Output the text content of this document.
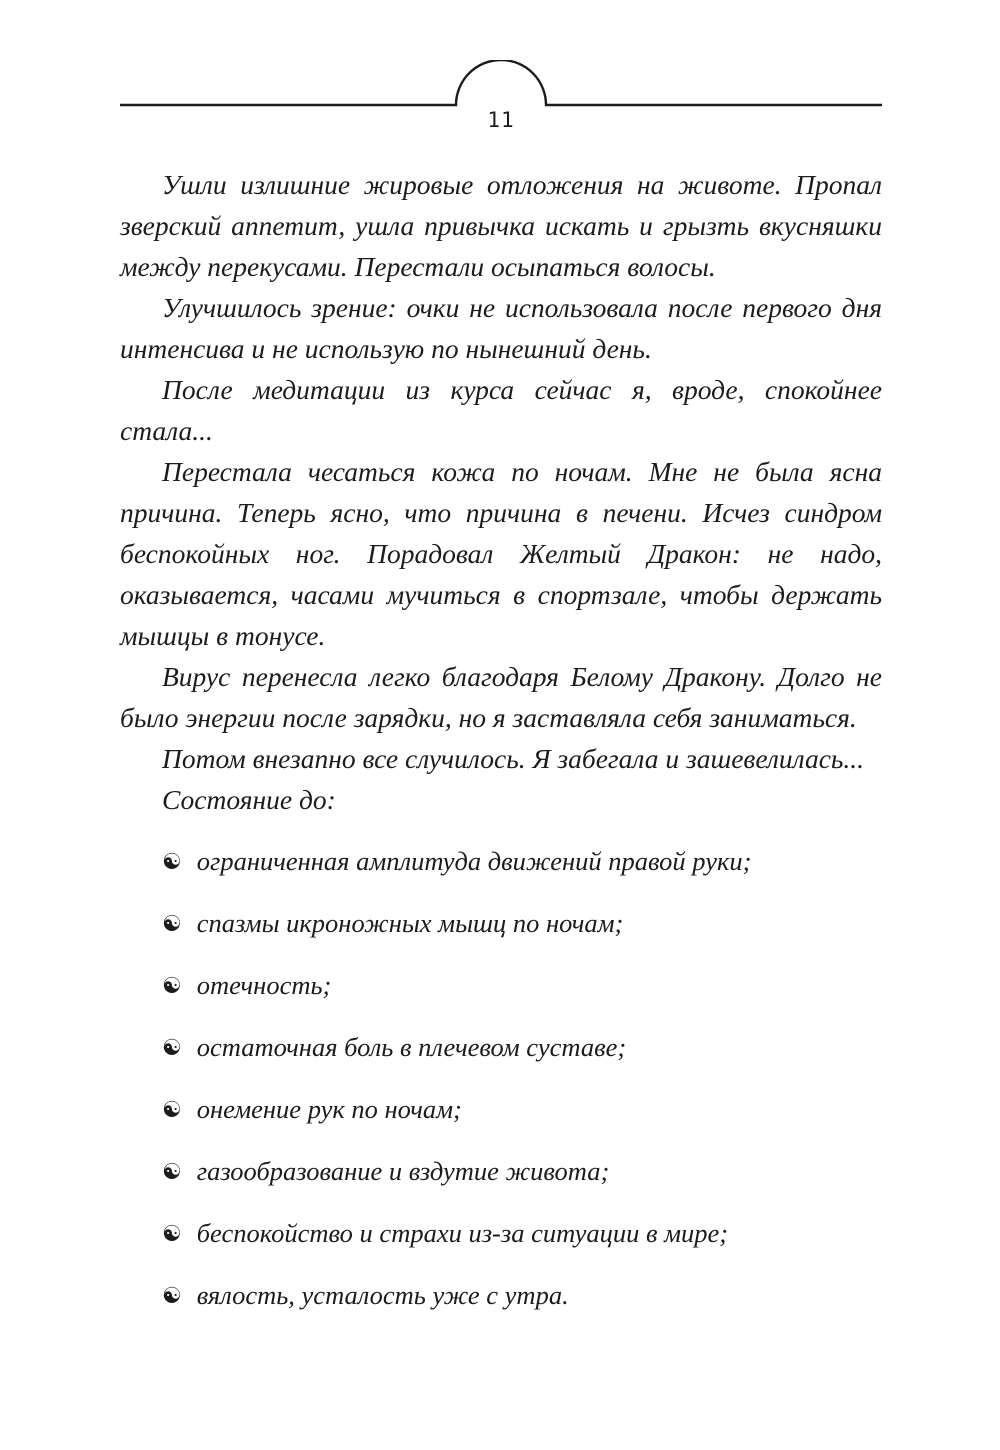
11

Ушли излишние жировые отложения на животе. Пропал зверский аппетит, ушла привычка искать и грызть вкусняшки между перекусами. Перестали осыпаться волосы.

Улучшилось зрение: очки не использовала после первого дня интенсива и не использую по нынешний день.

После медитации из курса сейчас я, вроде, спокойнее стала...

Перестала чесаться кожа по ночам. Мне не была ясна причина. Теперь ясно, что причина в печени. Исчез синдром беспокойных ног. Порадовал Желтый Дракон: не надо, оказывается, часами мучиться в спортзале, чтобы держать мышцы в тонусе.

Вирус перенесла легко благодаря Белому Дракону. Долго не было энергии после зарядки, но я заставляла себя заниматься.

Потом внезапно все случилось. Я забегала и зашевелилась...

Состояние до:

☯ ограниченная амплитуда движений правой руки;
☯ спазмы икроножных мышц по ночам;
☯ отечность;
☯ остаточная боль в плечевом суставе;
☯ онемение рук по ночам;
☯ газообразование и вздутие живота;
☯ беспокойство и страхи из-за ситуации в мире;
☯ вялость, усталость уже с утра.
